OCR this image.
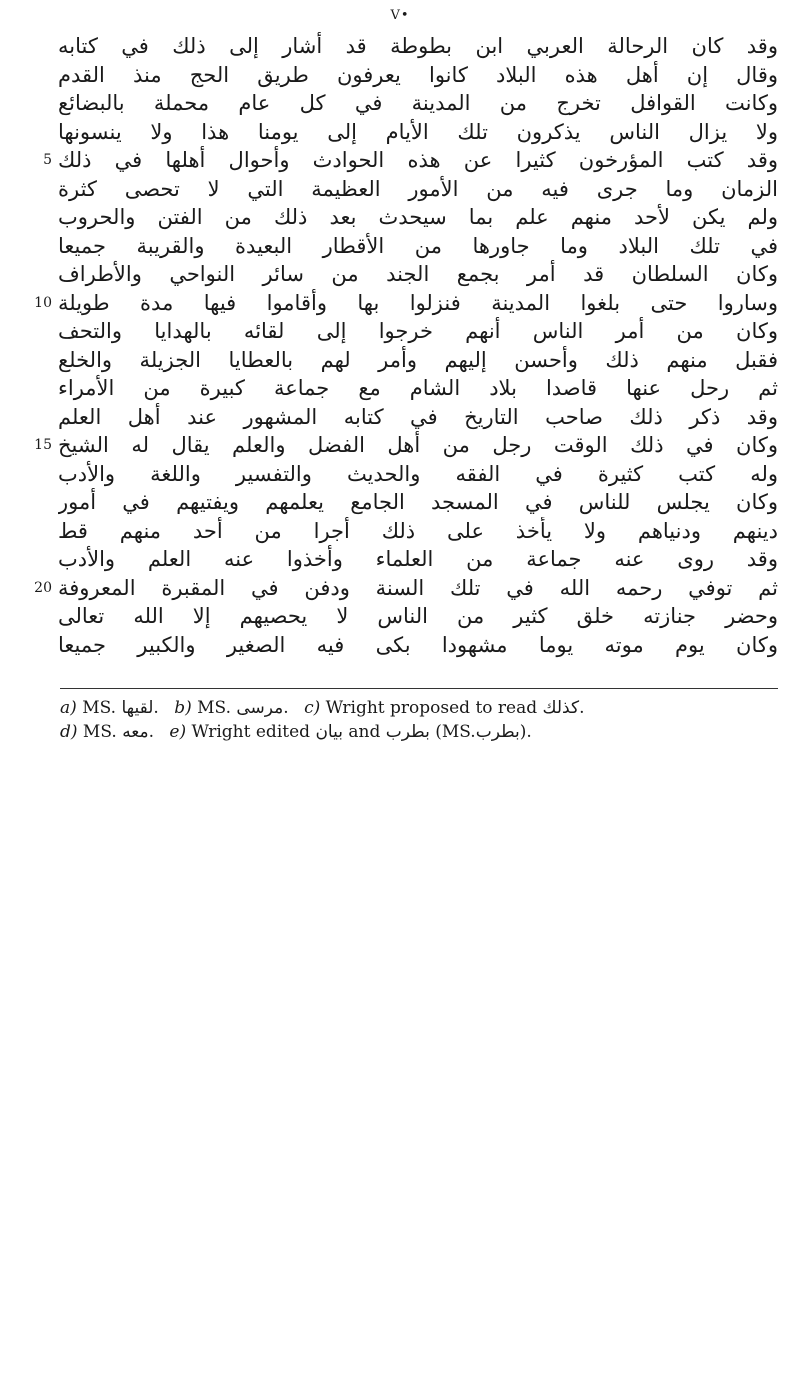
V•
وقد كان الرحالة العربي ابن بطوطة قد أشار إلى ذلك في كتابه
وقال إن أهل هذه البلاد كانوا يعرفون طريق الحج منذ القدم
وكانت القوافل تخرج من المدينة في كل عام محملة بالبضائع
ولا يزال الناس يذكرون تلك الأيام إلى يومنا هذا ولا ينسونها
وقد كتب المؤرخون كثيرا عن هذه الحوادث وأحوال أهلها في ذلك
الزمان وما جرى فيه من الأمور العظيمة التي لا تحصى كثرة
ولم يكن لأحد منهم علم بما سيحدث بعد ذلك من الفتن والحروب
في تلك البلاد وما جاورها من الأقطار البعيدة والقريبة جميعا
وكان السلطان قد أمر بجمع الجند من سائر النواحي والأطراف
وساروا حتى بلغوا المدينة فنزلوا بها وأقاموا فيها مدة طويلة
وكان من أمر الناس أنهم خرجوا إلى لقائه بالهدايا والتحف
فقبل منهم ذلك وأحسن إليهم وأمر لهم بالعطايا الجزيلة والخلع
ثم رحل عنها قاصدا بلاد الشام مع جماعة كبيرة من الأمراء
وقد ذكر ذلك صاحب التاريخ في كتابه المشهور عند أهل العلم
وكان في ذلك الوقت رجل من أهل الفضل والعلم يقال له الشيخ
وله كتب كثيرة في الفقه والحديث والتفسير واللغة والأدب
وكان يجلس للناس في المسجد الجامع يعلمهم ويفتيهم في أمور
دينهم ودنياهم ولا يأخذ على ذلك أجرا من أحد منهم قط
وقد روى عنه جماعة من العلماء وأخذوا عنه العلم والأدب
ثم توفي رحمه الله في تلك السنة ودفن في المقبرة المعروفة
وحضر جنازته خلق كثير من الناس لا يحصيهم إلا الله تعالى
وكان يوم موته يوما مشهودا بكى فيه الصغير والكبير جميعا
a) MS. لقيها. b) MS. مرسى. c) Wright proposed to read كذلك.
d) MS. معه. e) Wright edited بيان and بطرب (MS.بطرب).
5
10
15
20
